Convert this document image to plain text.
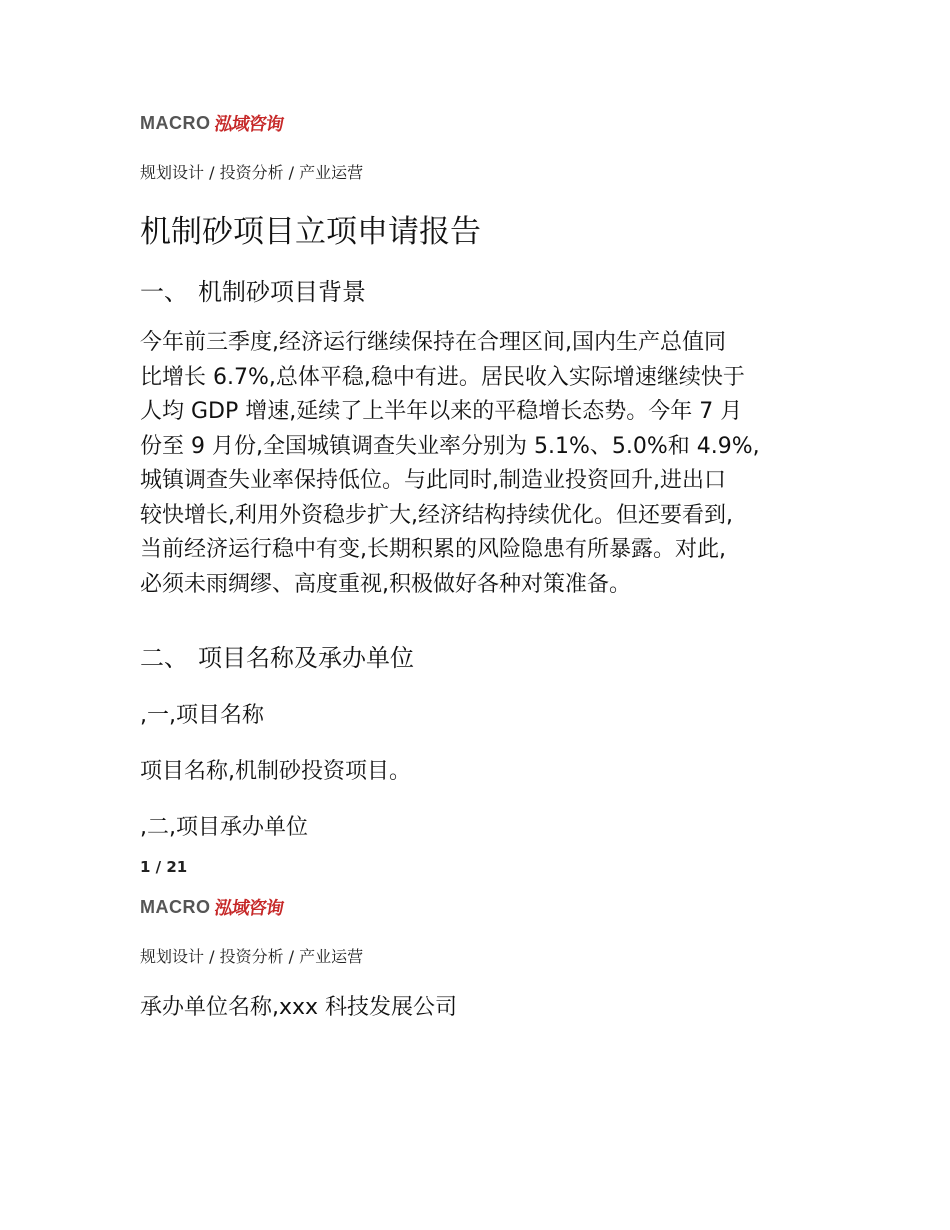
MACRO 泓域咨询
规划设计 / 投资分析 / 产业运营
机制砂项目立项申请报告
一、 机制砂项目背景
今年前三季度,经济运行继续保持在合理区间,国内生产总值同
比增长 6.7%,总体平稳,稳中有进。居民收入实际增速继续快于
人均 GDP 增速,延续了上半年以来的平稳增长态势。今年 7 月
份至 9 月份,全国城镇调查失业率分别为 5.1%、5.0%和 4.9%,
城镇调查失业率保持低位。与此同时,制造业投资回升,进出口
较快增长,利用外资稳步扩大,经济结构持续优化。但还要看到,
当前经济运行稳中有变,长期积累的风险隐患有所暴露。对此,
必须未雨绸缪、高度重视,积极做好各种对策准备。
二、 项目名称及承办单位
,一,项目名称
项目名称,机制砂投资项目。
,二,项目承办单位
1 / 21
MACRO 泓域咨询
规划设计 / 投资分析 / 产业运营
承办单位名称,xxx 科技发展公司
